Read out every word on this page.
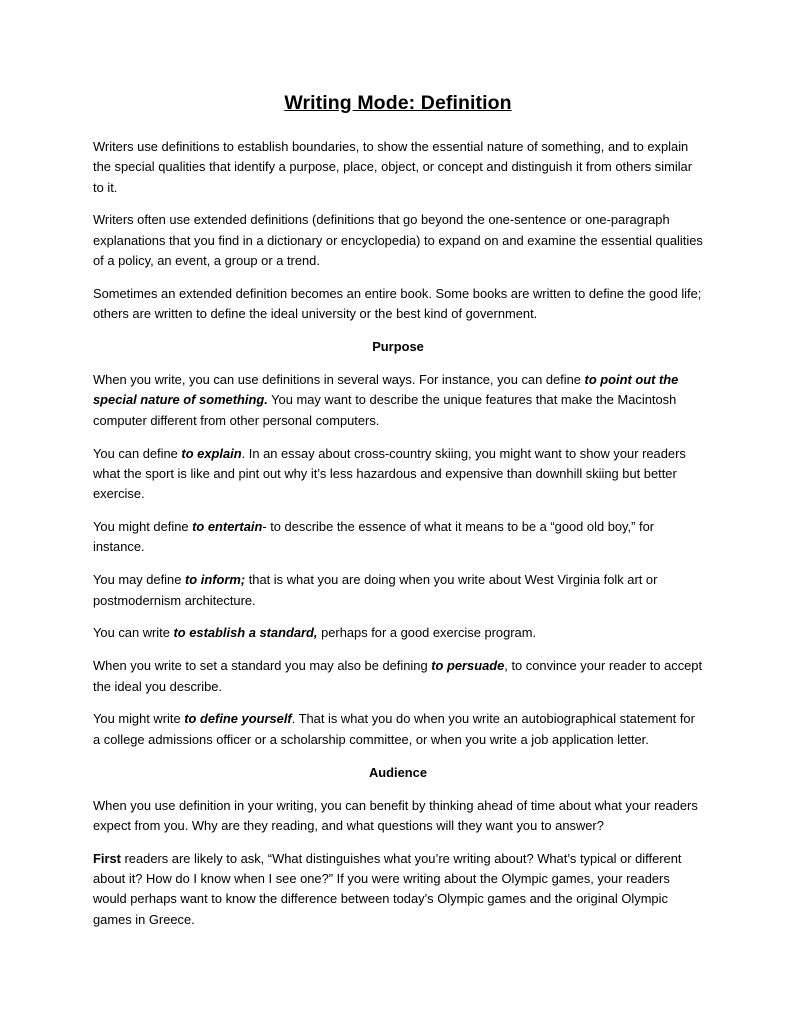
Writing Mode: Definition

Writers use definitions to establish boundaries, to show the essential nature of something, and to explain the special qualities that identify a purpose, place, object, or concept and distinguish it from others similar to it.

Writers often use extended definitions (definitions that go beyond the one-sentence or one-paragraph explanations that you find in a dictionary or encyclopedia) to expand on and examine the essential qualities of a policy, an event, a group or a trend.

Sometimes an extended definition becomes an entire book. Some books are written to define the good life; others are written to define the ideal university or the best kind of government.

Purpose

When you write, you can use definitions in several ways. For instance, you can define to point out the special nature of something. You may want to describe the unique features that make the Macintosh computer different from other personal computers.

You can define to explain. In an essay about cross-country skiing, you might want to show your readers what the sport is like and pint out why it’s less hazardous and expensive than downhill skiing but better exercise.

You might define to entertain- to describe the essence of what it means to be a “good old boy,” for instance.

You may define to inform; that is what you are doing when you write about West Virginia folk art or postmodernism architecture.

You can write to establish a standard, perhaps for a good exercise program.

When you write to set a standard you may also be defining to persuade, to convince your reader to accept the ideal you describe.

You might write to define yourself. That is what you do when you write an autobiographical statement for a college admissions officer or a scholarship committee, or when you write a job application letter.

Audience

When you use definition in your writing, you can benefit by thinking ahead of time about what your readers expect from you. Why are they reading, and what questions will they want you to answer?

First readers are likely to ask, “What distinguishes what you’re writing about? What’s typical or different about it? How do I know when I see one?” If you were writing about the Olympic games, your readers would perhaps want to know the difference between today’s Olympic games and the original Olympic games in Greece.
